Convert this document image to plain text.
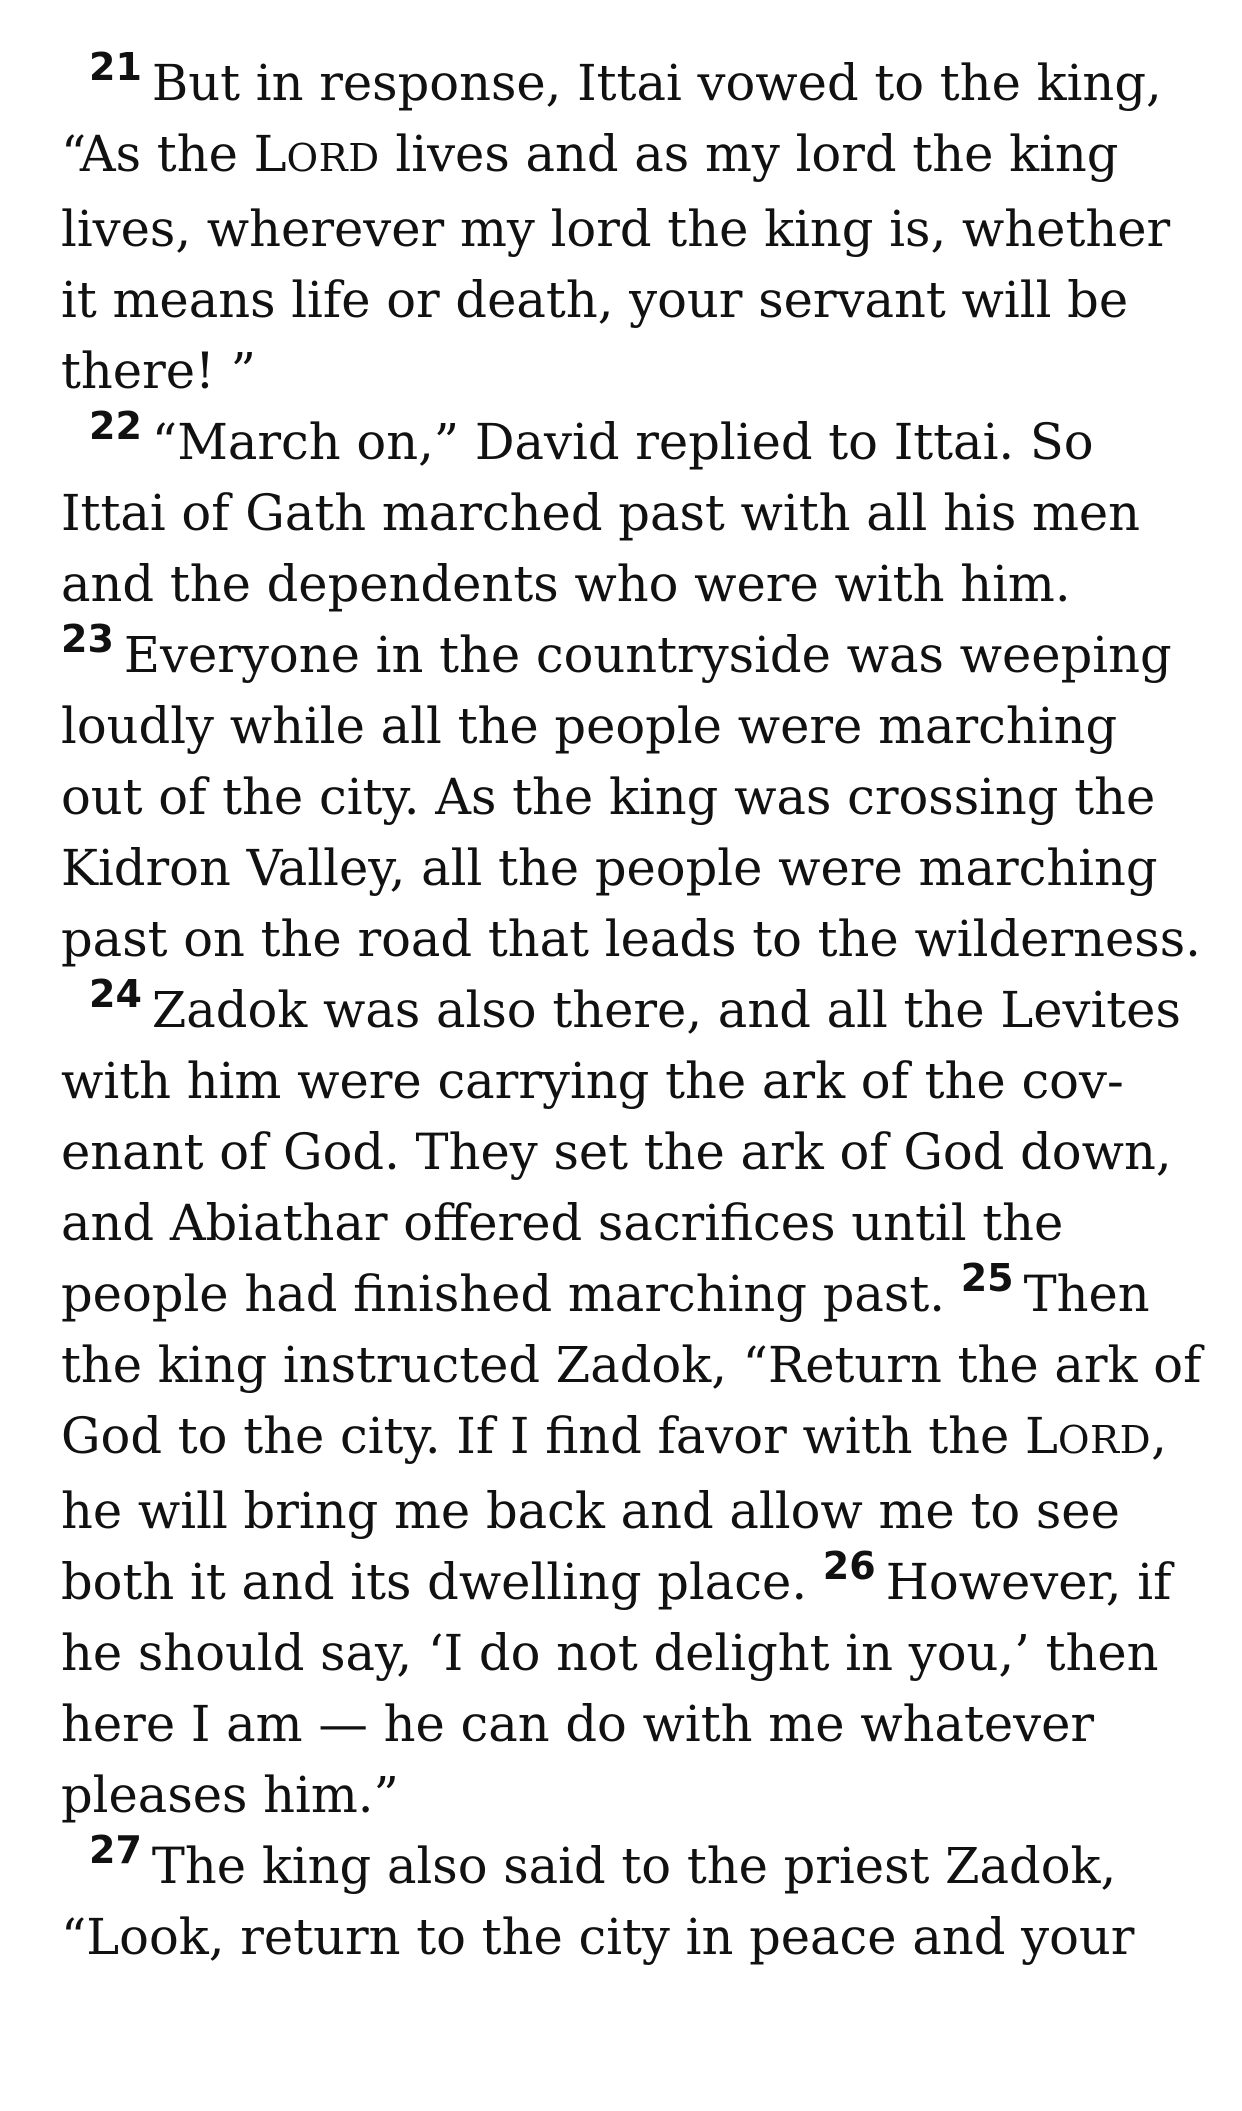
$^{21}$ But in response, Ittai vowed to the king, “As the LORD lives and as my lord the king lives, wherever my lord the king is, whether it means life or death, your servant will be there! ”

$^{22}$ “March on,” David replied to Ittai. So Ittai of Gath marched past with all his men and the dependents who were with him. $^{23}$ Everyone in the countryside was weeping loudly while all the people were marching out of the city. As the king was crossing the Kidron Valley, all the people were marching past on the road that leads to the wilderness.

$^{24}$ Zadok was also there, and all the Levites with him were carrying the ark of the covenant of God. They set the ark of God down, and Abiathar offered sacrifices until the people had finished marching past. $^{25}$ Then the king instructed Zadok, “Return the ark of God to the city. If I find favor with the LORD, he will bring me back and allow me to see both it and its dwelling place. $^{26}$ However, if he should say, ‘I do not delight in you,’ then here I am — he can do with me whatever pleases him.”

$^{27}$ The king also said to the priest Zadok, “Look, return to the city in peace and your
